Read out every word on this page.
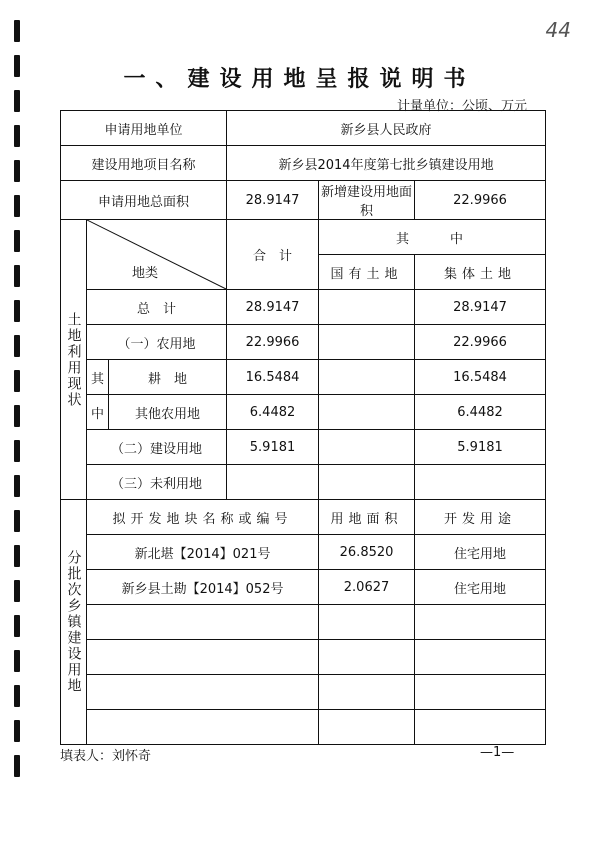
44
一、建设用地呈报说明书
计量单位：公顷、万元
申请用地单位			新乡县人民政府		
建设用地项目名称			新乡县2014年度第七批乡镇建设用地		
申请用地总面积			28.9147	新增建设用地面积	22.9966
土地利用现状	地类		合　计	其　　中	
				国有土地	集体土地
	总　计		28.9147		28.9147
	（一）农用地		22.9966		22.9966
	其	耕　地	16.5484		16.5484
	中	其他农用地	6.4482		6.4482
	（二）建设用地		5.9181		5.9181
	（三）未利用地				
分批次乡镇建设用地	拟开发地块名称或编号			用地面积	开发用途
	新北堪【2014】021号			26.8520	住宅用地
	新乡县土勘【2014】052号			2.0627	住宅用地

填表人：刘怀奇	—1—
